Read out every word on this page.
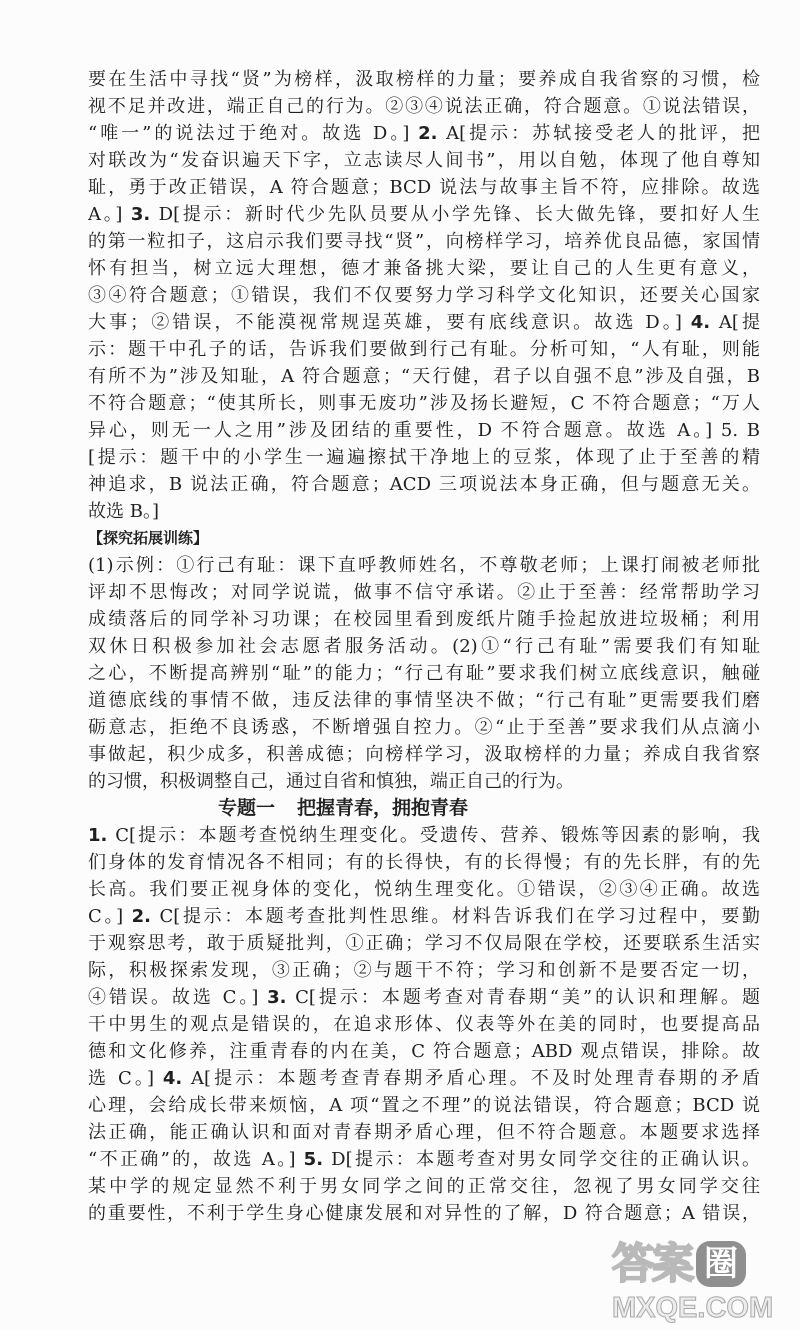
要在生活中寻找“贤”为榜样，汲取榜样的力量；要养成自我省察的习惯，检
视不足并改进，端正自己的行为。②③④说法正确，符合题意。①说法错误，
“唯一”的说法过于绝对。故选 D。] 2. A[提示：苏轼接受老人的批评，把
对联改为“发奋识遍天下字，立志读尽人间书”，用以自勉，体现了他自尊知
耻，勇于改正错误，A 符合题意；BCD 说法与故事主旨不符，应排除。故选
A。] 3. D[提示：新时代少先队员要从小学先锋、长大做先锋，要扣好人生
的第一粒扣子，这启示我们要寻找“贤”，向榜样学习，培养优良品德，家国情
怀有担当，树立远大理想，德才兼备挑大梁，要让自己的人生更有意义，
③④符合题意；①错误，我们不仅要努力学习科学文化知识，还要关心国家
大事；②错误，不能漠视常规逞英雄，要有底线意识。故选 D。] 4. A[提
示：题干中孔子的话，告诉我们要做到行己有耻。分析可知，“人有耻，则能
有所不为”涉及知耻，A 符合题意；“天行健，君子以自强不息”涉及自强，B
不符合题意；“使其所长，则事无废功”涉及扬长避短，C 不符合题意；“万人
异心，则无一人之用”涉及团结的重要性，D 不符合题意。故选 A。] 5. B
[提示：题干中的小学生一遍遍擦拭干净地上的豆浆，体现了止于至善的精
神追求，B 说法正确，符合题意；ACD 三项说法本身正确，但与题意无关。
故选 B。]
【探究拓展训练】
(1)示例：①行己有耻：课下直呼教师姓名，不尊敬老师；上课打闹被老师批
评却不思悔改；对同学说谎，做事不信守承诺。②止于至善：经常帮助学习
成绩落后的同学补习功课；在校园里看到废纸片随手捡起放进垃圾桶；利用
双休日积极参加社会志愿者服务活动。(2)①“行己有耻”需要我们有知耻
之心，不断提高辨别“耻”的能力；“行己有耻”要求我们树立底线意识，触碰
道德底线的事情不做，违反法律的事情坚决不做；“行己有耻”更需要我们磨
砺意志，拒绝不良诱惑，不断增强自控力。②“止于至善”要求我们从点滴小
事做起，积少成多，积善成德；向榜样学习，汲取榜样的力量；养成自我省察
的习惯，积极调整自己，通过自省和慎独，端正自己的行为。
专题一 把握青春，拥抱青春
1. C[提示：本题考查悦纳生理变化。受遗传、营养、锻炼等因素的影响，我
们身体的发育情况各不相同；有的长得快，有的长得慢；有的先长胖，有的先
长高。我们要正视身体的变化，悦纳生理变化。①错误，②③④正确。故选
C。] 2. C[提示：本题考查批判性思维。材料告诉我们在学习过程中，要勤
于观察思考，敢于质疑批判，①正确；学习不仅局限在学校，还要联系生活实
际，积极探索发现，③正确；②与题干不符；学习和创新不是要否定一切，
④错误。故选 C。] 3. C[提示：本题考查对青春期“美”的认识和理解。题
干中男生的观点是错误的，在追求形体、仪表等外在美的同时，也要提高品
德和文化修养，注重青春的内在美，C 符合题意；ABD 观点错误，排除。故
选 C。] 4. A[提示：本题考查青春期矛盾心理。不及时处理青春期的矛盾
心理，会给成长带来烦恼，A 项“置之不理”的说法错误，符合题意；BCD 说
法正确，能正确认识和面对青春期矛盾心理，但不符合题意。本题要求选择
“不正确”的，故选 A。] 5. D[提示：本题考查对男女同学交往的正确认识。
某中学的规定显然不利于男女同学之间的正常交往，忽视了男女同学交往
的重要性，不利于学生身心健康发展和对异性的了解，D 符合题意；A 错误，
答案 圈
MXQE.COM
